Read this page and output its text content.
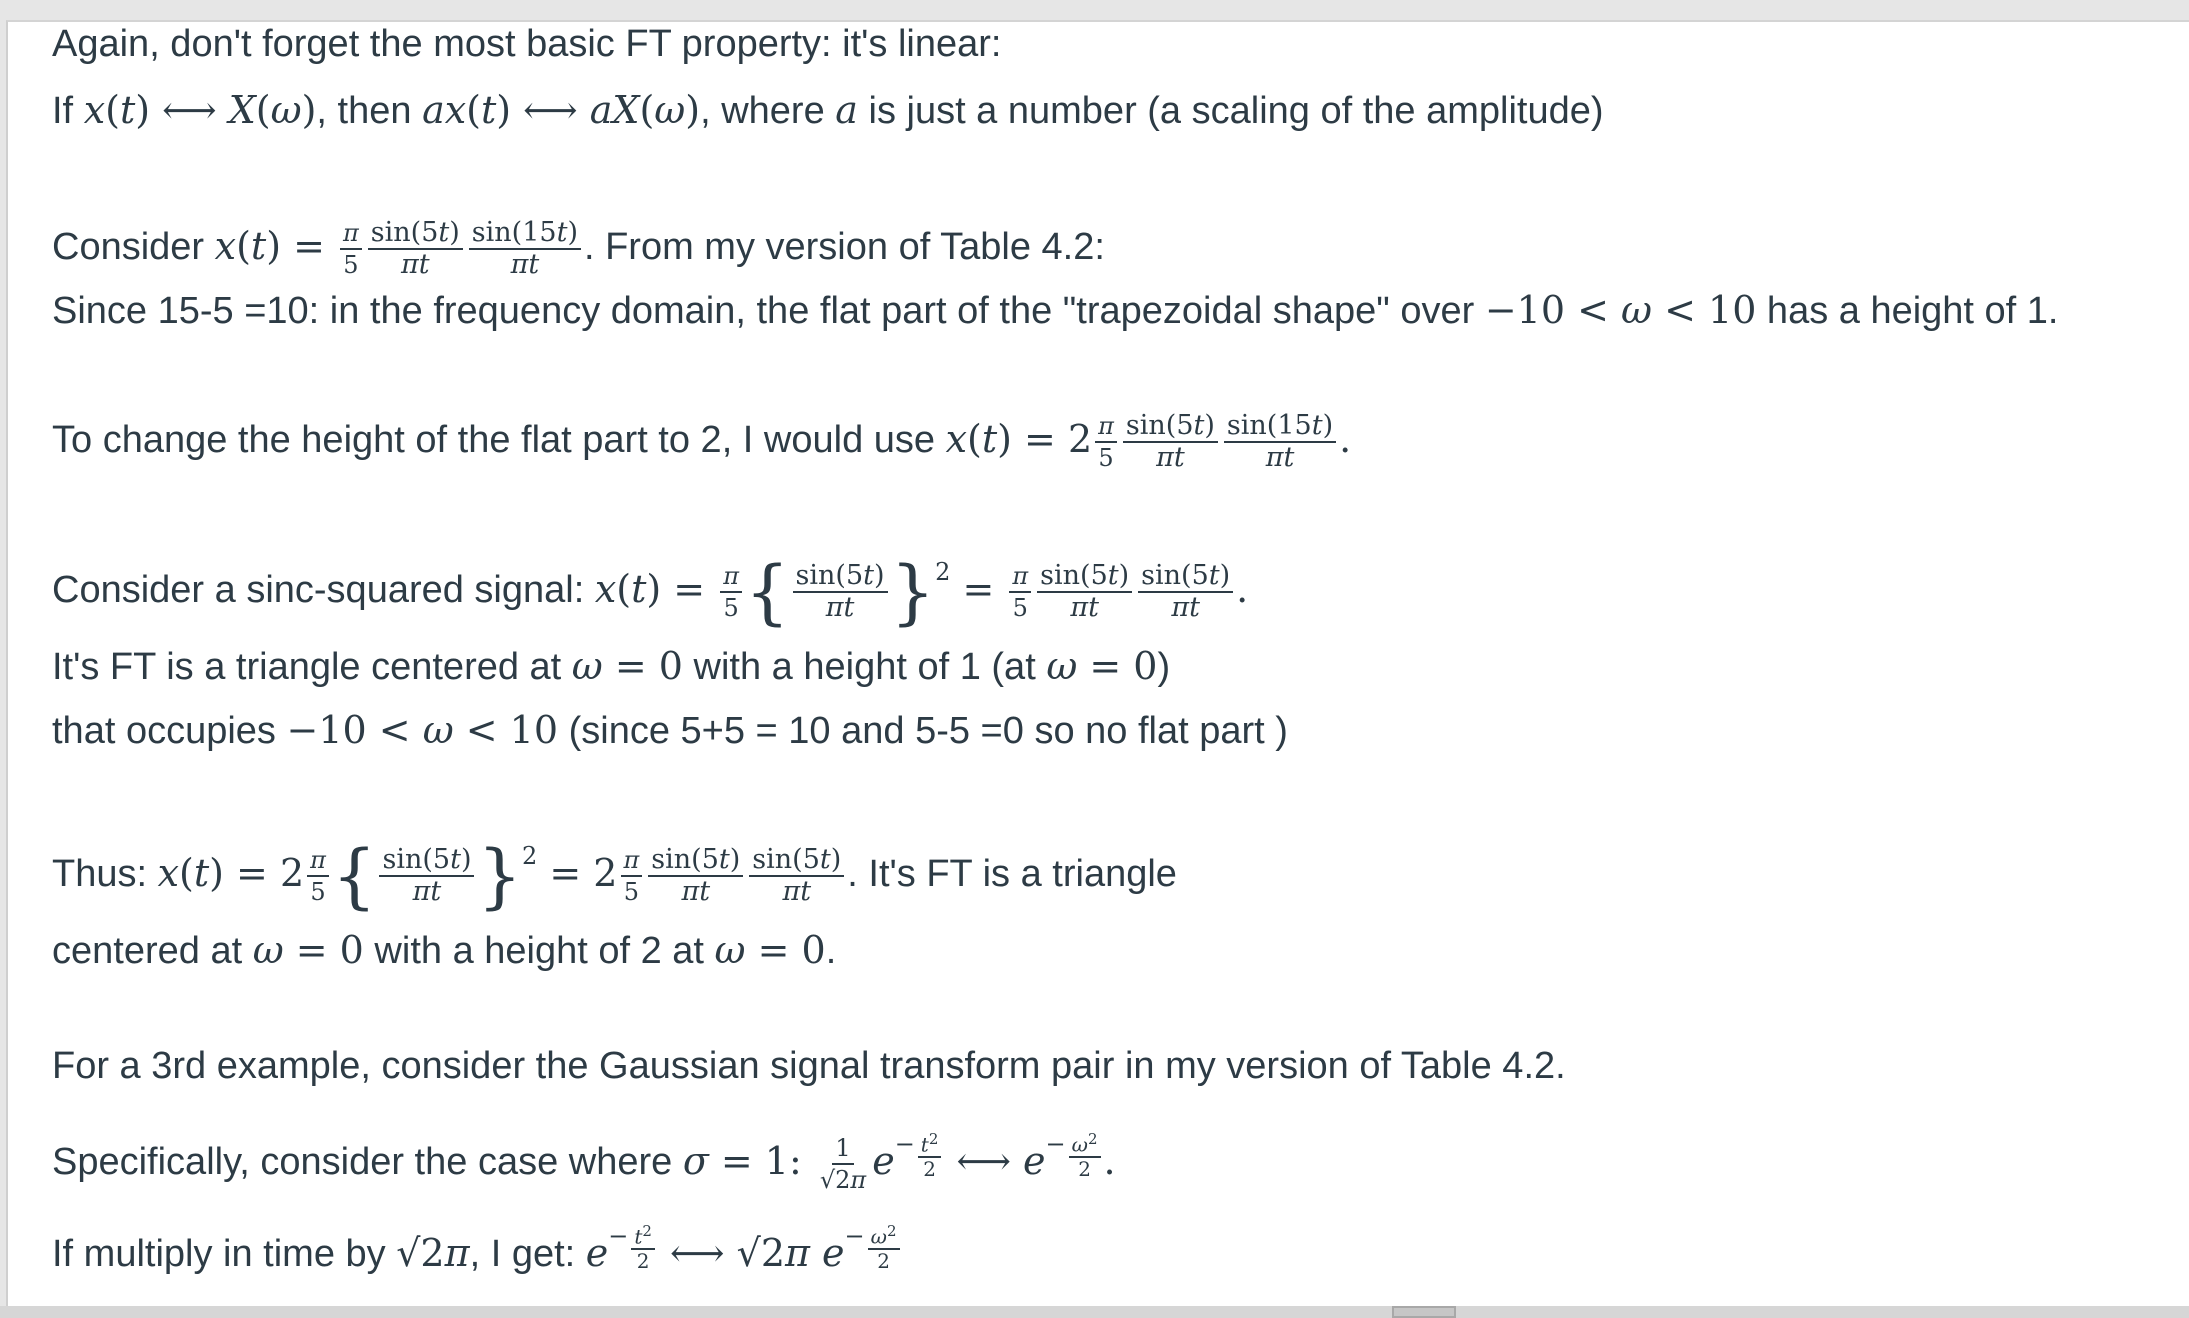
Again, don't forget the most basic FT property: it's linear:
If x(t) ⟷ X(ω), then ax(t) ⟷ aX(ω), where a is just a number (a scaling of the amplitude)
Consider $x(t) = \frac{\pi}{5} \frac{\sin(5t)}{\pi t} \frac{\sin(15t)}{\pi t}$ . From my version of Table 4.2:
Since 15-5 =10: in the frequency domain, the flat part of the "trapezoidal shape" over −10 < ω < 10 has a height of 1.
To change the height of the flat part to 2, I would use $x(t) = 2 \frac{\pi}{5} \frac{\sin(5t)}{\pi t} \frac{\sin(15t)}{\pi t}$ .
Consider a sinc-squared signal: $x(t) = \frac{\pi}{5}$ { $\frac{\sin(5t)}{\pi t} \}^2 = \frac{\pi}{5} \frac{\sin(5t)}{\pi t} \frac{\sin(5t)}{\pi t}$ .
It's FT is a triangle centered at ω = 0 with a height of 1 (at ω = 0)
that occupies −10 < ω < 10 (since 5+5 = 10 and 5-5 =0 so no flat part )
Thus: $x(t) = 2 \frac{\pi}{5}$ { $\frac{\sin(5t)}{\pi t} \}^2 = 2 \frac{\pi}{5} \frac{\sin(5t)}{\pi t} \frac{\sin(5t)}{\pi t}$ . It's FT is a triangle
centered at ω = 0 with a height of 2 at ω = 0.
For a 3rd example, consider the Gaussian signal transform pair in my version of Table 4.2.
Specifically, consider the case where σ = 1: $\frac{1}{√2\pi} e^- \frac{t^2}{2}$ ⟷ $e^- \frac{\omega^2}{2}$ .
If multiply in time by √2π, I get: $e^- \frac{t^2}{2}$ ⟷ √2π $e^- \frac{\omega^2}{2}$
